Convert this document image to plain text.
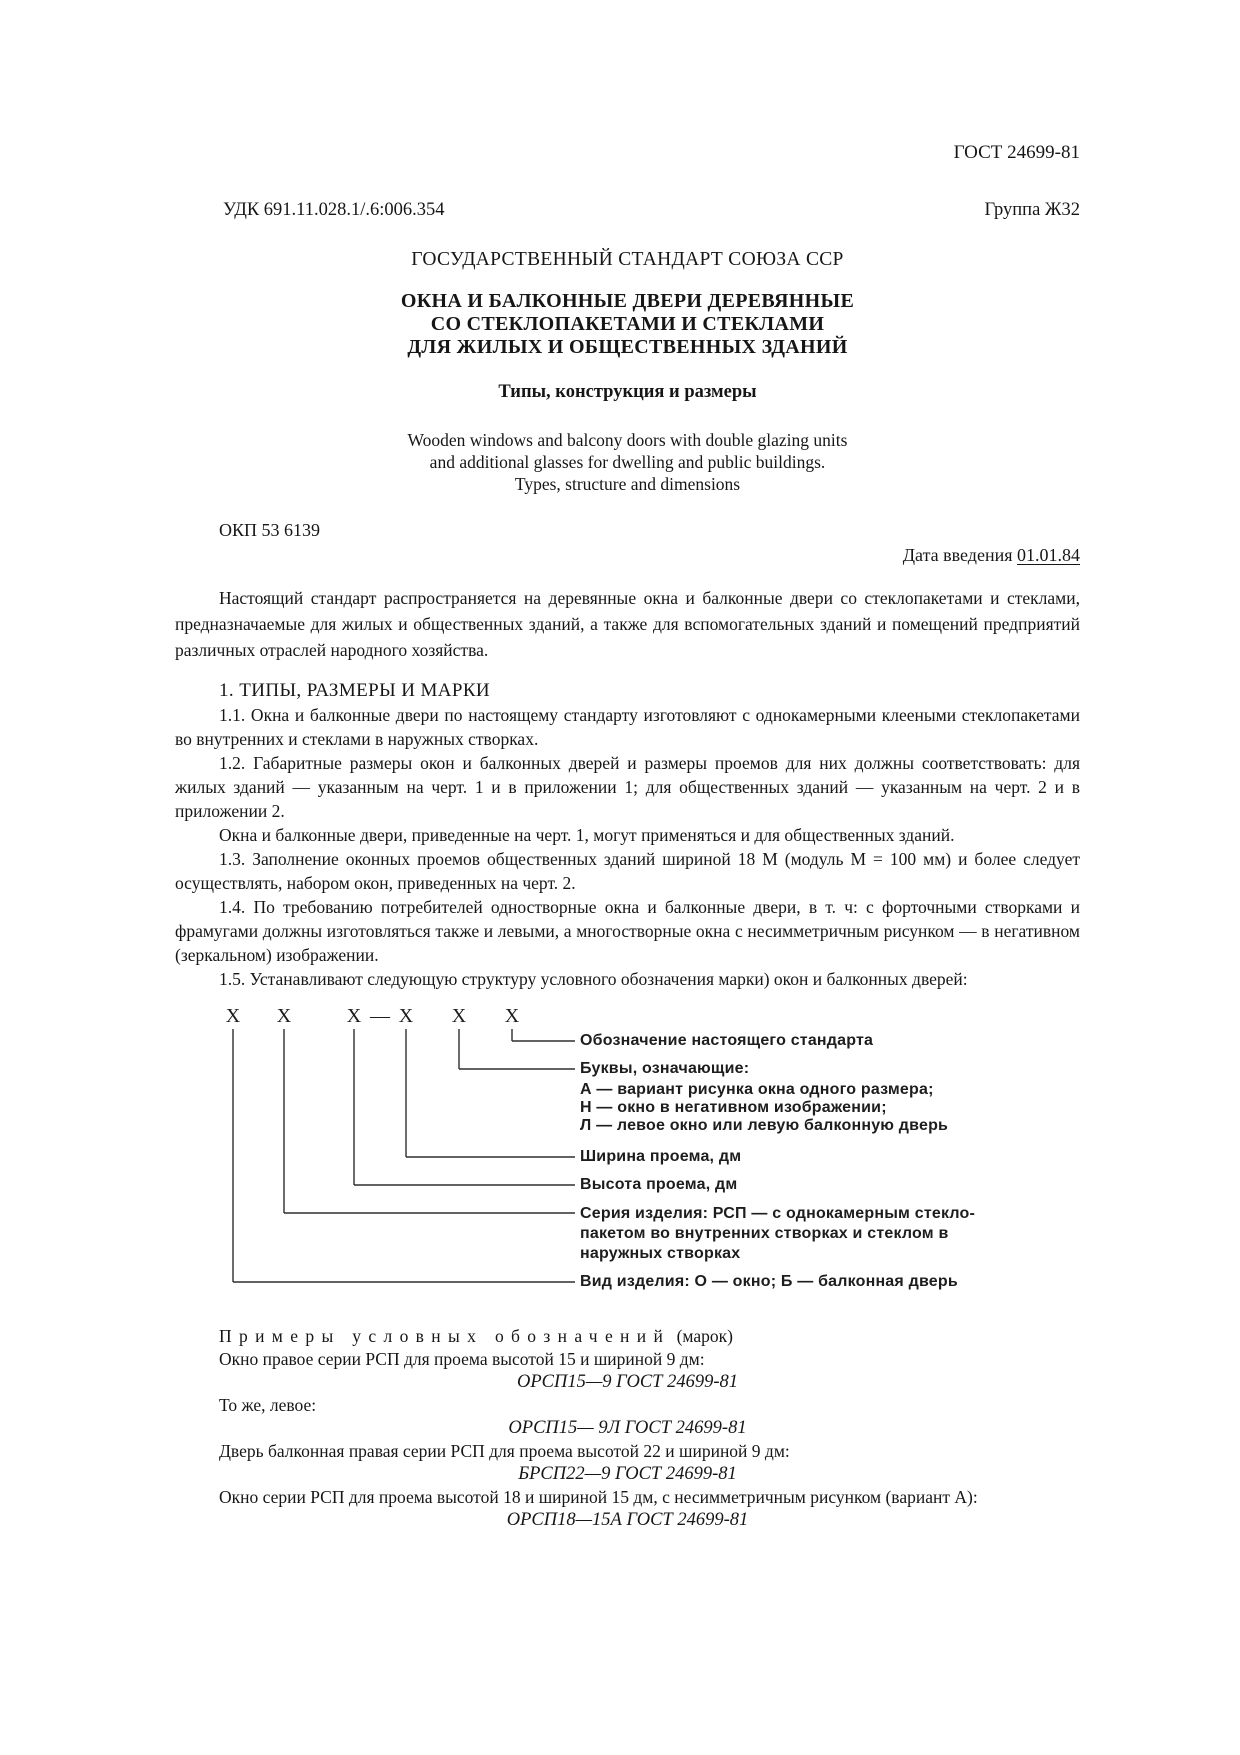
ГОСТ 24699-81
УДК 691.11.028.1/.6:006.354	Группа Ж32
ГОСУДАРСТВЕННЫЙ СТАНДАРТ СОЮЗА ССР
ОКНА И БАЛКОННЫЕ ДВЕРИ ДЕРЕВЯННЫЕ
СО СТЕКЛОПАКЕТАМИ И СТЕКЛАМИ
ДЛЯ ЖИЛЫХ И ОБЩЕСТВЕННЫХ ЗДАНИЙ
Типы, конструкция и размеры
Wooden windows and balcony doors with double glazing units
and additional glasses for dwelling and public buildings.
Types, structure and dimensions
ОКП 53 6139
Дата введения 01.01.84

Настоящий стандарт распространяется на деревянные окна и балконные двери со стеклопакетами и стеклами, предназначаемые для жилых и общественных зданий, а также для вспомогательных зданий и помещений предприятий различных отраслей народного хозяйства.

1. ТИПЫ, РАЗМЕРЫ И МАРКИ

1.1. Окна и балконные двери по настоящему стандарту изготовляют с однокамерными клееными стеклопакетами во внутренних и стеклами в наружных створках.

1.2. Габаритные размеры окон и балконных дверей и размеры проемов для них должны соответствовать: для жилых зданий — указанным на черт. 1 и в приложении 1; для общественных зданий — указанным на черт. 2 и в приложении 2.

Окна и балконные двери, приведенные на черт. 1, могут применяться и для общественных зданий.

1.3. Заполнение оконных проемов общественных зданий шириной 18 М (модуль М = 100 мм) и более следует осуществлять, набором окон, приведенных на черт. 2.

1.4. По требованию потребителей одностворные окна и балконные двери, в т. ч: с форточными створками и фрамугами должны изготовляться также и левыми, а многостворные окна с несимметричным рисунком — в негативном (зеркальном) изображении.

1.5. Устанавливают следующую структуру условного обозначения марки) окон и балконных дверей:

X X	X — X X X
Обозначение настоящего стандарта
Буквы, означающие:
А — вариант рисунка окна одного размера;
Н — окно в негативном изображении;
Л — левое окно или левую балконную дверь
Ширина проема, дм
Высота проема, дм
Серия изделия: РСП — с однокамерным стекло-
пакетом во внутренних створках и стеклом в
наружных створках
Вид изделия: О — окно; Б — балконная дверь
Примеры условных обозначений (марок)

Окно правое серии РСП для проема высотой 15 и шириной 9 дм:

ОРСП15—9 ГОСТ 24699-81

То же, левое:

ОРСП15— 9Л ГОСТ 24699-81

Дверь балконная правая серии РСП для проема высотой 22 и шириной 9 дм:

БРСП22—9 ГОСТ 24699-81

Окно серии РСП для проема высотой 18 и шириной 15 дм, с несимметричным рисунком (вариант А):

ОРСП18—15А ГОСТ 24699-81
